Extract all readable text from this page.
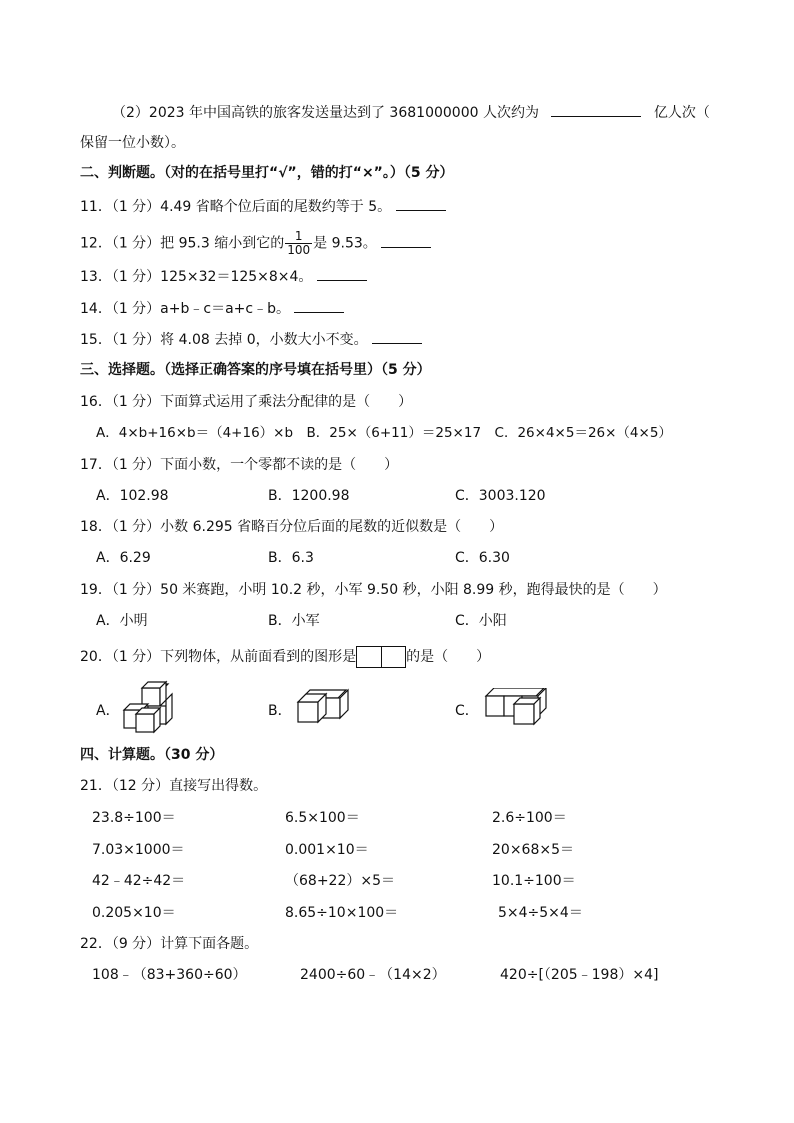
（2）2023 年中国高铁的旅客发送量达到了 3681000000 人次约为	亿人次（
保留一位小数）。
二、判断题。（对的在括号里打“√”，错的打“×”。）（5 分）
11．（1 分）4.49 省略个位后面的尾数约等于 5。
12．（1 分）把 95.3 缩小到它的 $\frac{1}{100}$ 是 9.53。
13．（1 分）125×32＝125×8×4。
14．（1 分）a+b﹣c＝a+c﹣b。
15．（1 分）将 4.08 去掉 0，小数大小不变。
三、选择题。（选择正确答案的序号填在括号里）（5 分）
16．（1 分）下面算式运用了乘法分配律的是（　　）
A．4×b+16×b＝（4+16）×b　B．25×（6+11）＝25×17　C．26×4×5＝26×（4×5）
17．（1 分）下面小数，一个零都不读的是（　　）
A．102.98	B．1200.98	C．3003.120
18．（1 分）小数 6.295 省略百分位后面的尾数的近似数是（　　）
A．6.29	B．6.3	C．6.30
19．（1 分）50 米赛跑，小明 10.2 秒，小军 9.50 秒，小阳 8.99 秒，跑得最快的是（　　）
A．小明	B．小军	C．小阳
20．（1 分）下列物体，从前面看到的图形是	的是（　　）
A．	B．	C．
四、计算题。（30 分）
21．（12 分）直接写出得数。
23.8÷100＝	6.5×100＝	2.6÷100＝
7.03×1000＝	0.001×10＝	20×68×5＝
42﹣42÷42＝	（68+22）×5＝	10.1÷100＝
0.205×10＝	8.65÷10×100＝	5×4÷5×4＝
22．（9 分）计算下面各题。
108﹣（83+360÷60）	2400÷60﹣（14×2）	420÷[（205﹣198）×4]
